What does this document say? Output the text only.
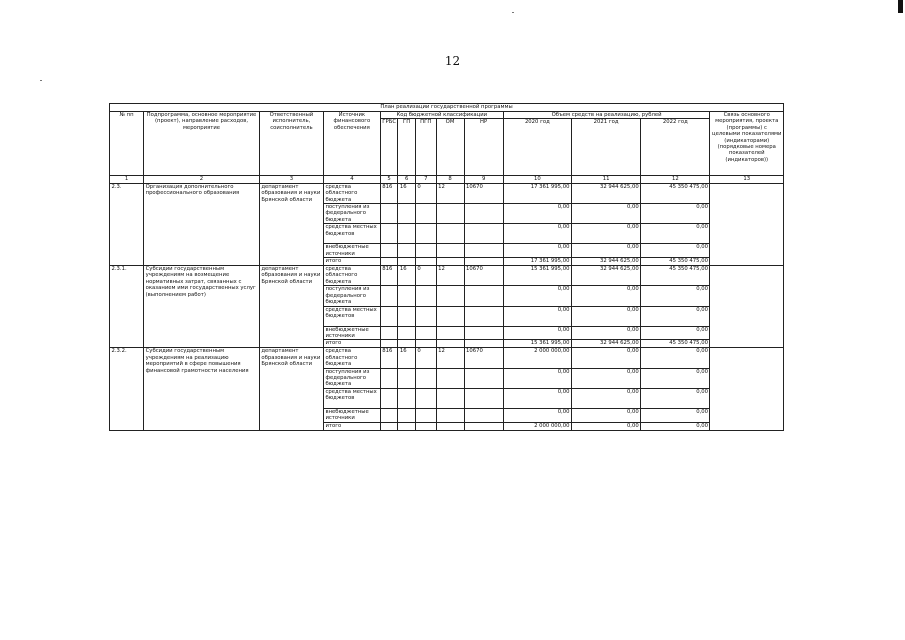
12
План реализации государственной программы												
№ пп	Подпрограмма, основное мероприятие (проект), направление расходов, мероприятие	Ответственный исполнитель, соисполнитель	Источник финансового обеспечения	Код бюджетной классификации					Объем средств на реализацию, рублей			Связь основного мероприятия, проекта (программы) с целевыми показателями (индикаторами) (порядковые номера показателей (индикаторов))
				ГРБС	ГП	ПГП	ОМ	НР	2020 год	2021 год	2022 год	
1	2	3	4	5	6	7	8	9	10	11	12	13
2.3.	Организация дополнительного профессионального образования	департамент образования и науки Брянской области	средства областного бюджета	816	16	0	12	10670	17 361 995,00	32 944 625,00	45 350 475,00	
			поступления из федерального бюджета						0,00	0,00	0,00	
			средства местных бюджетов						0,00	0,00	0,00	
			внебюджетные источники						0,00	0,00	0,00	
			итого						17 361 995,00	32 944 625,00	45 350 475,00	
2.3.1.	Субсидии государственным учреждениям на возмещение нормативных затрат, связанных с оказанием ими государственных услуг (выполнением работ)	департамент образования и науки Брянской области	средства областного бюджета	816	16	0	12	10670	15 361 995,00	32 944 625,00	45 350 475,00	
			поступления из федерального бюджета						0,00	0,00	0,00	
			средства местных бюджетов						0,00	0,00	0,00	
			внебюджетные источники						0,00	0,00	0,00	
			итого						15 361 995,00	32 944 625,00	45 350 475,00	
2.3.2.	Субсидии государственным учреждениям на реализацию мероприятий в сфере повышения финансовой грамотности населения	департамент образования и науки Брянской области	средства областного бюджета	816	16	0	12	10670	2 000 000,00	0,00	0,00	
			поступления из федерального бюджета						0,00	0,00	0,00	
			средства местных бюджетов						0,00	0,00	0,00	
			внебюджетные источники						0,00	0,00	0,00	
			итого						2 000 000,00	0,00	0,00	
